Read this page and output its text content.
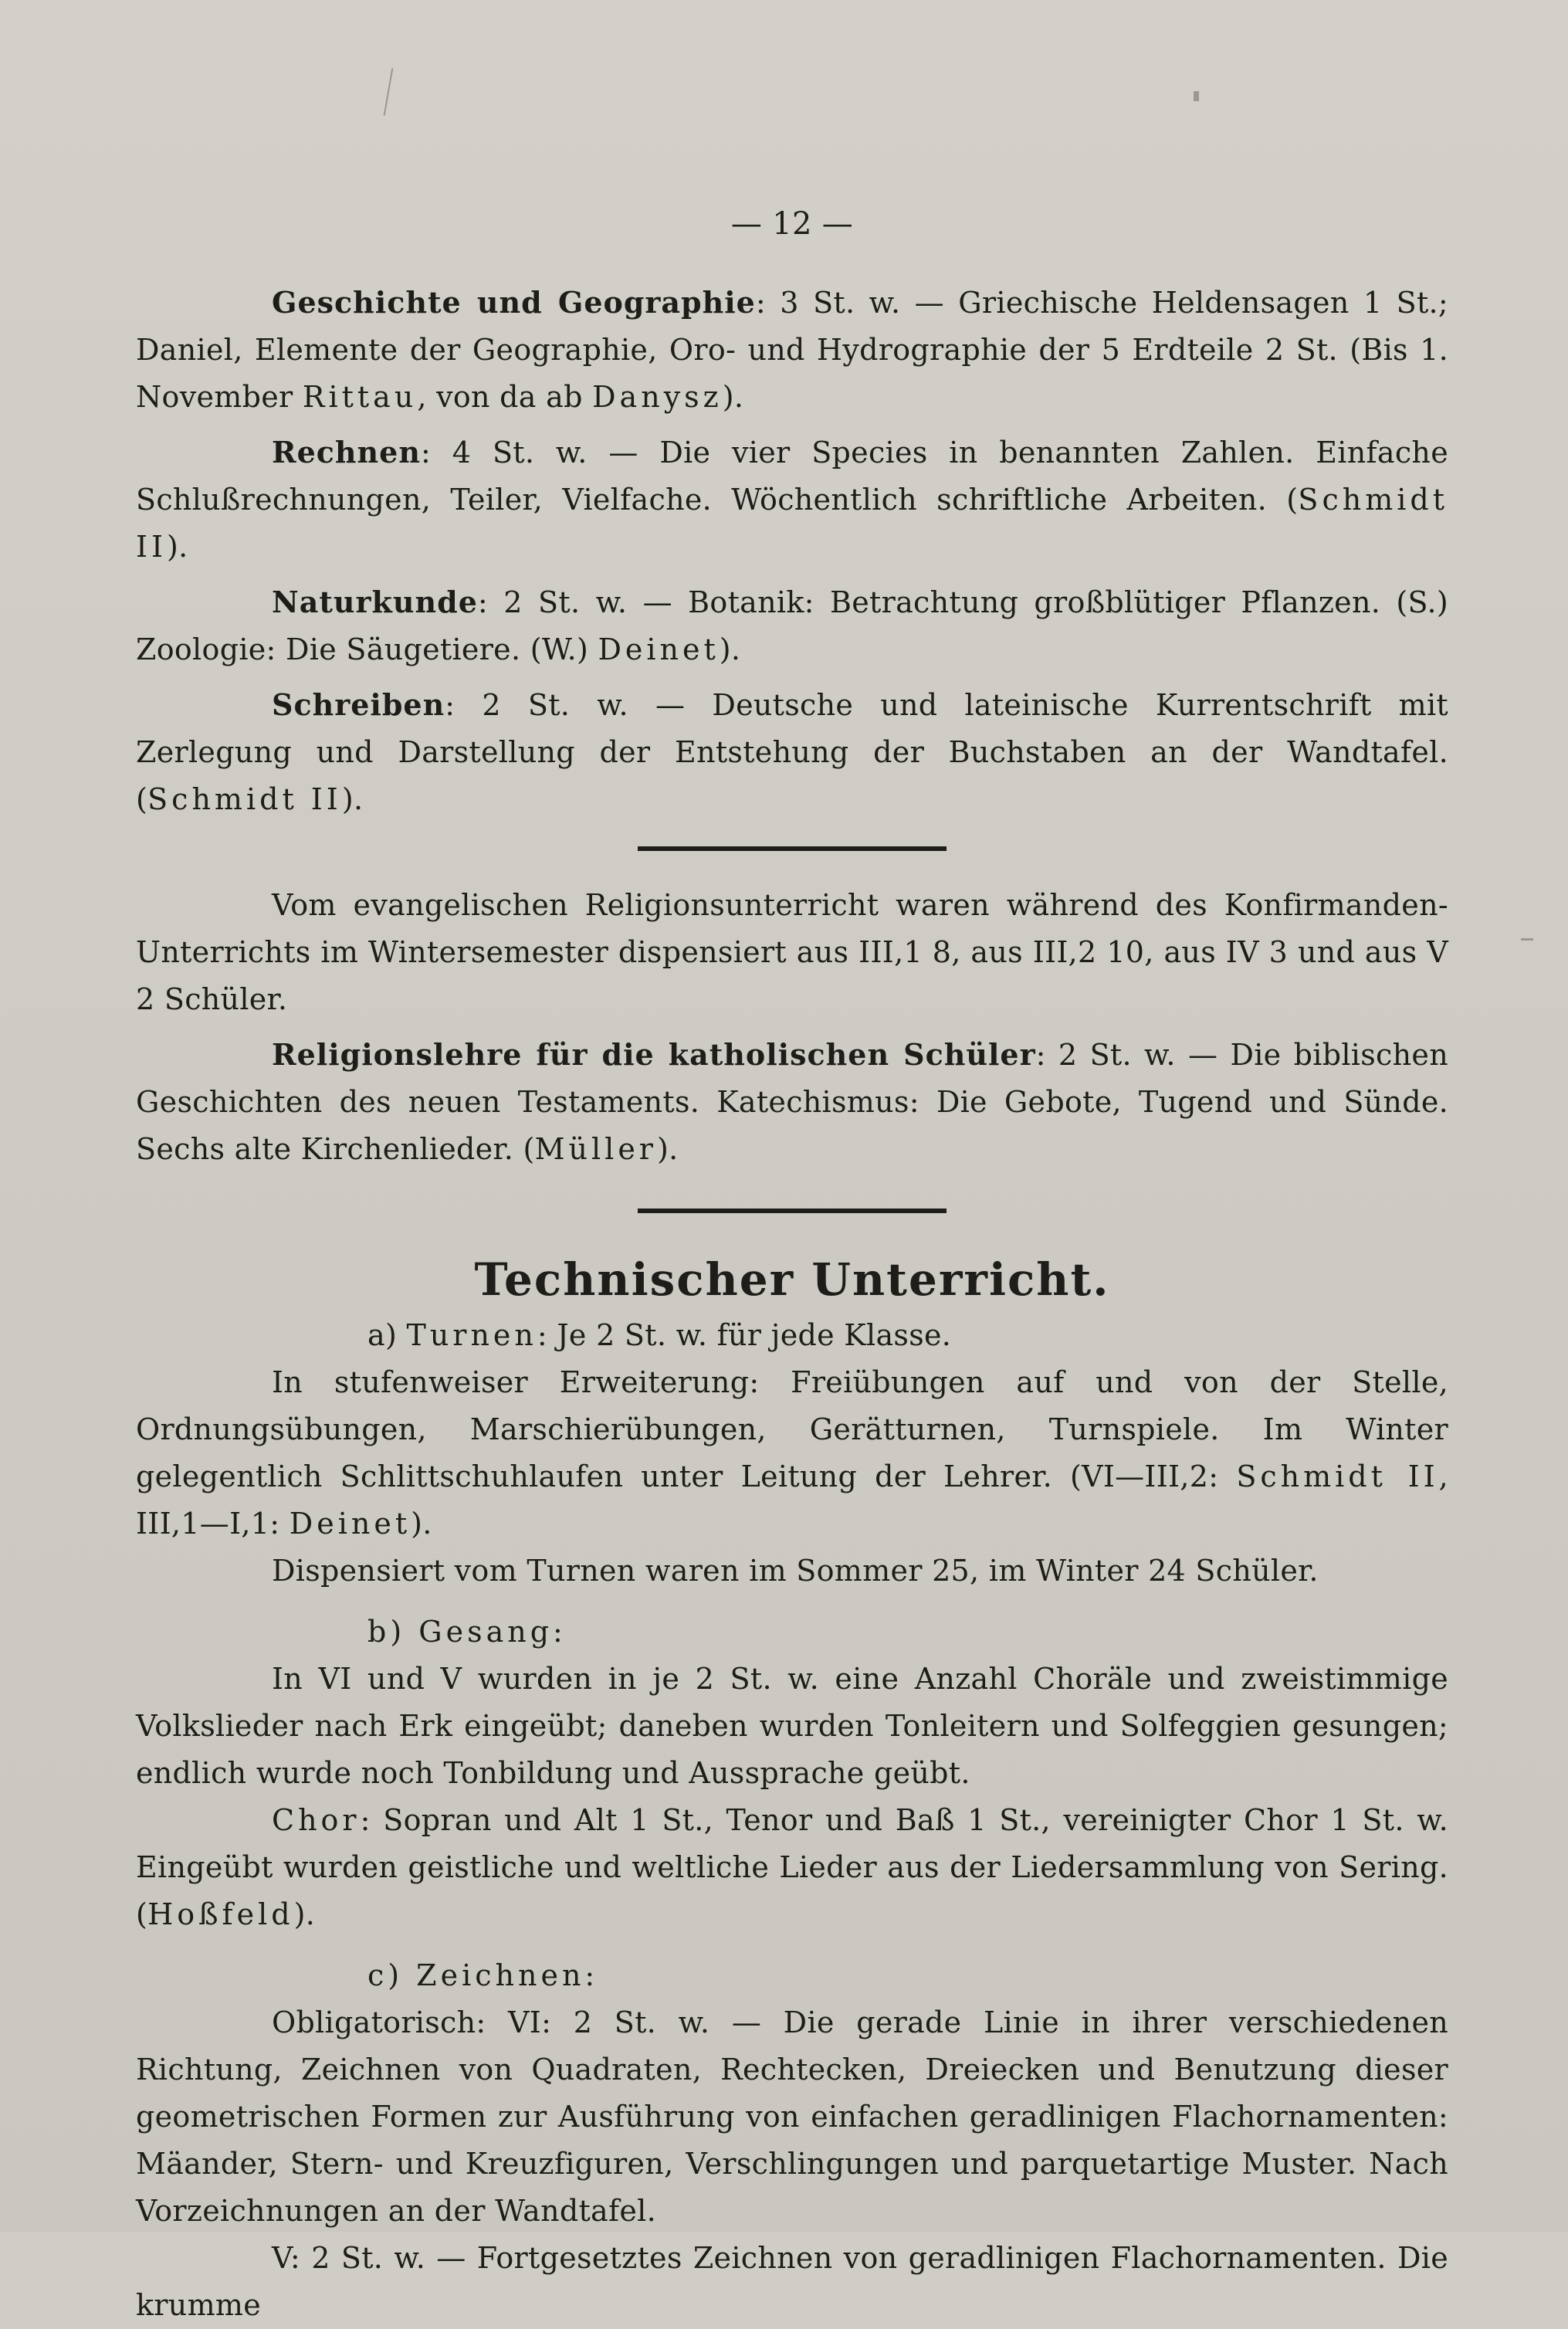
— 12 —

Geschichte und Geographie: 3 St. w. — Griechische Heldensagen 1 St.; Daniel, Elemente der Geographie, Oro- und Hydrographie der 5 Erdteile 2 St. (Bis 1. November Rittau, von da ab Danysz).

Rechnen: 4 St. w. — Die vier Species in benannten Zahlen. Einfache Schlußrechnungen, Teiler, Vielfache. Wöchentlich schriftliche Arbeiten. (Schmidt II).

Naturkunde: 2 St. w. — Botanik: Betrachtung großblütiger Pflanzen. (S.) Zoologie: Die Säugetiere. (W.) Deinet).

Schreiben: 2 St. w. — Deutsche und lateinische Kurrentschrift mit Zerlegung und Darstellung der Entstehung der Buchstaben an der Wandtafel. (Schmidt II).

Vom evangelischen Religionsunterricht waren während des Konfirmanden-Unterrichts im Wintersemester dispensiert aus III,1 8, aus III,2 10, aus IV 3 und aus V 2 Schüler.

Religionslehre für die katholischen Schüler: 2 St. w. — Die biblischen Geschichten des neuen Testaments. Katechismus: Die Gebote, Tugend und Sünde. Sechs alte Kirchenlieder. (Müller).

Technischer Unterricht.

a) Turnen: Je 2 St. w. für jede Klasse.

In stufenweiser Erweiterung: Freiübungen auf und von der Stelle, Ordnungsübungen, Marschierübungen, Gerätturnen, Turnspiele. Im Winter gelegentlich Schlittschuhlaufen unter Leitung der Lehrer. (VI—III,2: Schmidt II, III,1—I,1: Deinet).

Dispensiert vom Turnen waren im Sommer 25, im Winter 24 Schüler.

b) Gesang:

In VI und V wurden in je 2 St. w. eine Anzahl Choräle und zweistimmige Volkslieder nach Erk eingeübt; daneben wurden Tonleitern und Solfeggien gesungen; endlich wurde noch Tonbildung und Aussprache geübt.

Chor: Sopran und Alt 1 St., Tenor und Baß 1 St., vereinigter Chor 1 St. w. Eingeübt wurden geistliche und weltliche Lieder aus der Liedersammlung von Sering. (Hoßfeld).

c) Zeichnen:

Obligatorisch: VI: 2 St. w. — Die gerade Linie in ihrer verschiedenen Richtung, Zeichnen von Quadraten, Rechtecken, Dreiecken und Benutzung dieser geometrischen Formen zur Ausführung von einfachen geradlinigen Flachornamenten: Mäander, Stern- und Kreuzfiguren, Verschlingungen und parquetartige Muster. Nach Vorzeichnungen an der Wandtafel.

V: 2 St. w. — Fortgesetztes Zeichnen von geradlinigen Flachornamenten. Die krumme
